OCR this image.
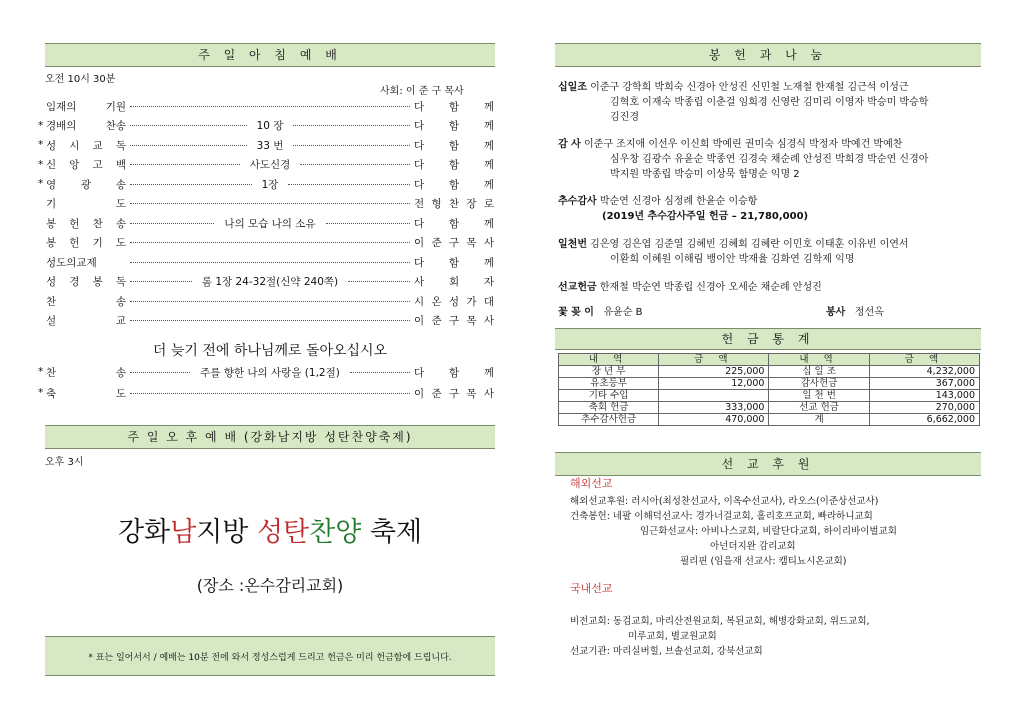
주 일 아 침 예 배
오전 10시 30분
사회: 이 준 구 목사
임재의	기원	다 함 께
* 경배의	찬송	10 장	다 함 께
* 성 시 교 독	33 번	다 함 께
* 신 앙 고 백	사도신경	다 함 께
* 영 광 송	1장	다 함 께
기	도	전 형 찬 장 로
봉 헌 찬 송	나의 모습 나의 소유	다 함 께
봉 헌 기 도	이 준 구 목 사
성도의교제	다 함 께
성 경 봉 독	롬 1장 24-32절(신약 240쪽)	사 회 자
찬	송	시 온 성 가 대
설	교	이 준 구 목 사
더 늦기 전에 하나님께로 돌아오십시오
* 찬	송	주를 향한 나의 사랑을 (1,2절)	다 함 께
* 축	도	이 준 구 목 사
주 일 오 후 예 배 (강화남지방 성탄찬양축제)
오후 3시
강화남지방 성탄찬양 축제
(장소 :온수감리교회)
* 표는 일어서서 / 예배는 10분 전에 와서 정성스럽게 드리고 헌금은 미리 헌금함에 드립니다.
봉 헌 과 나 눔
십일조 이준구 강학희 박희숙 신경아 안성진 신민철 노재철 한재철 김근석 이성근
김혁호 이재숙 박종립 이춘걸 임희경 신영란 김미리 이영자 박승미 박승학
김진경
감 사 이준구 조지애 이선우 이신희 박예린 권미숙 심경식 박정자 박예건 박예찬
심우창 김광수 유윤순 박종연 김경숙 채순례 안성진 박희경 박순연 신경아
박지원 박종립 박승미 이상묵 함명순 익명 2
추수감사 박순연 신경아 심정례 한윤순 이승항
(2019년 추수감사주일 헌금 – 21,780,000)
일천번 김은영 김은엽 김준열 김혜빈 김혜회 김혜란 이민호 이태훈 이유빈 이연서
이환희 이혜원 이해림 뱅이안 박재율 김화연 김학제 익명
선교헌금 한재철 박순연 박종립 신경아 오세순 채순례 안성진
꽃 꽂 이 유윤순 B	봉사 정선옥
헌 금 통 계
내 역	금 액	내 역	금 액
장 년 부	225,000	십 일 조	4,232,000
유초등부	12,000	감사헌금	367,000
기타 수입		일 천 번	143,000
축회 헌금	333,000	선교 헌금	270,000
추수감사헌금	470,000	계	6,662,000
선 교 후 원
해외선교
해외선교후원: 러시아(최성찬선교사, 이옥수선교사), 라오스(이준상선교사)
건축봉헌: 네팔 이해덕선교사: 경가너걸교회, 홀리호프교회, 빠라하니교회
임근화선교사: 아비나스교회, 비랄단다교회, 하이리바이벌교회
아넌더지완 감리교회
필리핀 (임을재 선교사: 캠티뇨시온교회)
국내선교
비전교회: 동검교회, 마리산전원교회, 복된교회, 해병강화교회, 위드교회,
미루교회, 별교원교회
선교기관: 마리실버힐, 브솔선교회, 강북선교회
